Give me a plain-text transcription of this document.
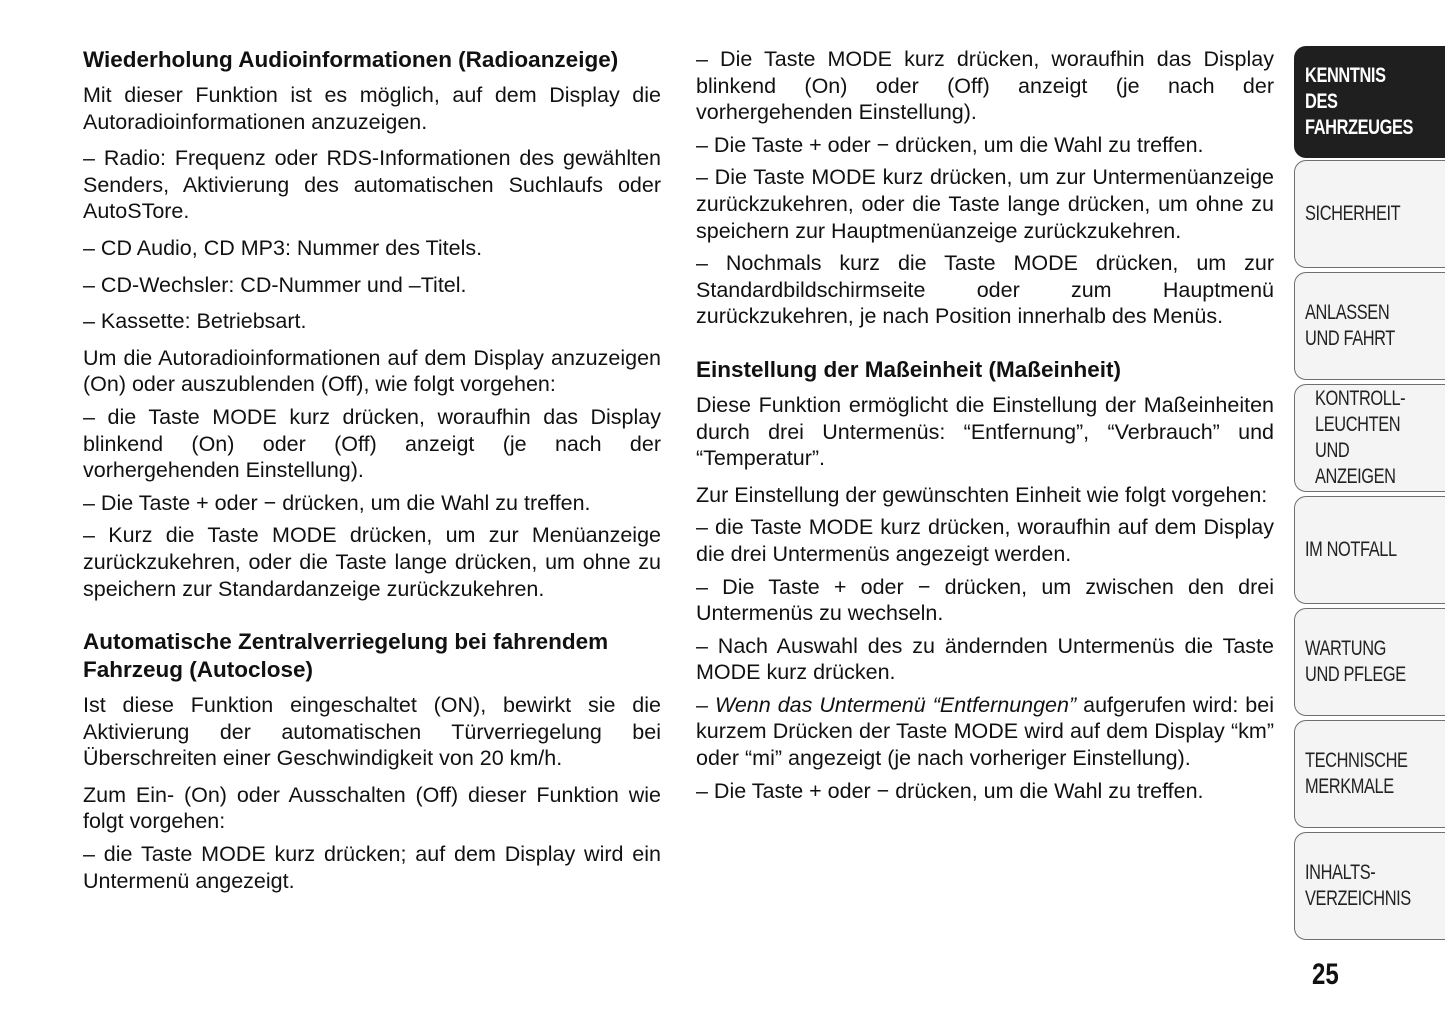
Wiederholung Audioinformationen (Radioanzeige)

Mit dieser Funktion ist es möglich, auf dem Display die Autoradioinformationen anzuzeigen.

– Radio: Frequenz oder RDS-Informationen des gewählten Senders, Aktivierung des automatischen Suchlaufs oder AutoSTore.

– CD Audio, CD MP3: Nummer des Titels.

– CD-Wechsler: CD-Nummer und –Titel.

– Kassette: Betriebsart.

Um die Autoradioinformationen auf dem Display anzuzeigen (On) oder auszublenden (Off), wie folgt vorgehen:

– die Taste MODE kurz drücken, woraufhin das Display blinkend (On) oder (Off) anzeigt (je nach der vorhergehenden Einstellung).

– Die Taste + oder − drücken, um die Wahl zu treffen.

– Kurz die Taste MODE drücken, um zur Menüanzeige zurückzukehren, oder die Taste lange drücken, um ohne zu speichern zur Standardanzeige zurückzukehren.

Automatische Zentralverriegelung bei fahrendem Fahrzeug (Autoclose)

Ist diese Funktion eingeschaltet (ON), bewirkt sie die Aktivierung der automatischen Türverriegelung bei Überschreiten einer Geschwindigkeit von 20 km/h.

Zum Ein- (On) oder Ausschalten (Off) dieser Funktion wie folgt vorgehen:

– die Taste MODE kurz drücken; auf dem Display wird ein Untermenü angezeigt.

– Die Taste MODE kurz drücken, woraufhin das Display blinkend (On) oder (Off) anzeigt (je nach der vorhergehenden Einstellung).

– Die Taste + oder − drücken, um die Wahl zu treffen.

– Die Taste MODE kurz drücken, um zur Untermenüanzeige zurückzukehren, oder die Taste lange drücken, um ohne zu speichern zur Hauptmenüanzeige zurückzukehren.

– Nochmals kurz die Taste MODE drücken, um zur Standardbildschirmseite oder zum Hauptmenü zurückzukehren, je nach Position innerhalb des Menüs.

Einstellung der Maßeinheit (Maßeinheit)

Diese Funktion ermöglicht die Einstellung der Maßeinheiten durch drei Untermenüs: “Entfernung”, “Verbrauch” und “Temperatur”.

Zur Einstellung der gewünschten Einheit wie folgt vorgehen:

– die Taste MODE kurz drücken, woraufhin auf dem Display die drei Untermenüs angezeigt werden.

– Die Taste + oder − drücken, um zwischen den drei Untermenüs zu wechseln.

– Nach Auswahl des zu ändernden Untermenüs die Taste MODE kurz drücken.

– Wenn das Untermenü “Entfernungen” aufgerufen wird: bei kurzem Drücken der Taste MODE wird auf dem Display “km” oder “mi” angezeigt (je nach vorheriger Einstellung).

– Die Taste + oder − drücken, um die Wahl zu treffen.

KENNTNIS DES
FAHRZEUGES
SICHERHEIT
ANLASSEN
UND FAHRT
KONTROLL-
LEUCHTEN UND
ANZEIGEN
IM NOTFALL
WARTUNG
UND PFLEGE
TECHNISCHE
MERKMALE
INHALTS-
VERZEICHNIS
25
